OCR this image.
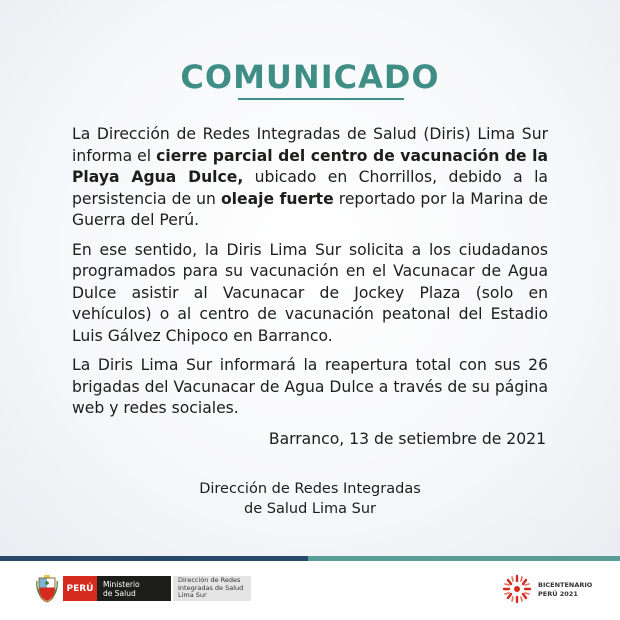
COMUNICADO

La Dirección de Redes Integradas de Salud (Diris) Lima Sur informa el cierre parcial del centro de vacunación de la Playa Agua Dulce, ubicado en Chorrillos, debido a la persistencia de un oleaje fuerte reportado por la Marina de Guerra del Perú.

En ese sentido, la Diris Lima Sur solicita a los ciudadanos programados para su vacunación en el Vacunacar de Agua Dulce asistir al Vacunacar de Jockey Plaza (solo en vehículos) o al centro de vacunación peatonal del Estadio Luis Gálvez Chipoco en Barranco.

La Diris Lima Sur informará la reapertura total con sus 26 brigadas del Vacunacar de Agua Dulce a través de su página web y redes sociales.

Barranco, 13 de setiembre de 2021
Dirección de Redes Integradas
de Salud Lima Sur
PERÚ	Ministerio
de Salud
Dirección de Redes
Integradas de Salud
Lima Sur
BICENTENARIO
PERÚ 2021
